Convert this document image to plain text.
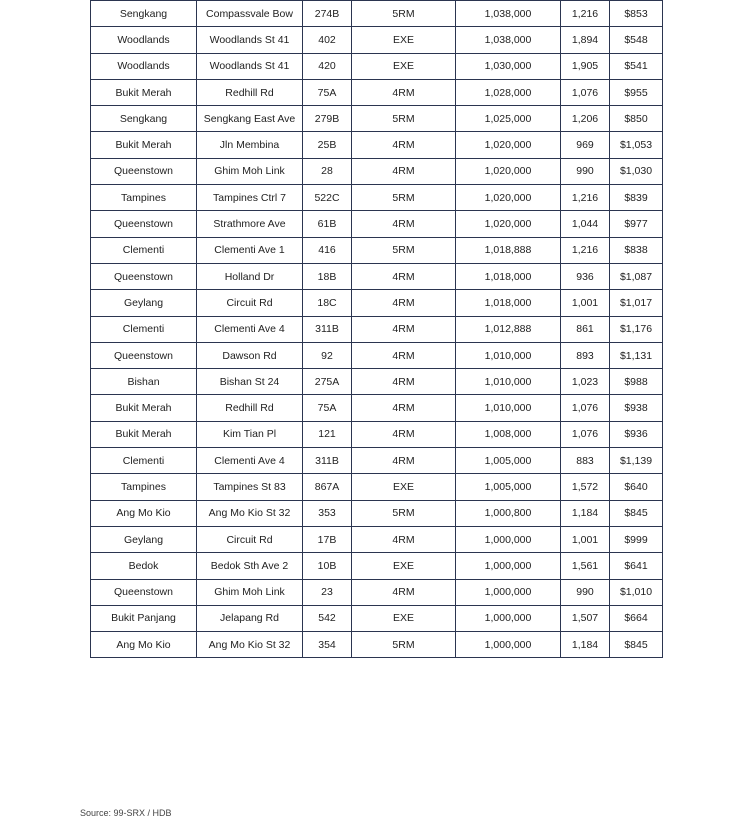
Sengkang	Compassvale Bow	274B	5RM	1,038,000	1,216	$853
Woodlands	Woodlands St 41	402	EXE	1,038,000	1,894	$548
Woodlands	Woodlands St 41	420	EXE	1,030,000	1,905	$541
Bukit Merah	Redhill Rd	75A	4RM	1,028,000	1,076	$955
Sengkang	Sengkang East Ave	279B	5RM	1,025,000	1,206	$850
Bukit Merah	Jln Membina	25B	4RM	1,020,000	969	$1,053
Queenstown	Ghim Moh Link	28	4RM	1,020,000	990	$1,030
Tampines	Tampines Ctrl 7	522C	5RM	1,020,000	1,216	$839
Queenstown	Strathmore Ave	61B	4RM	1,020,000	1,044	$977
Clementi	Clementi Ave 1	416	5RM	1,018,888	1,216	$838
Queenstown	Holland Dr	18B	4RM	1,018,000	936	$1,087
Geylang	Circuit Rd	18C	4RM	1,018,000	1,001	$1,017
Clementi	Clementi Ave 4	311B	4RM	1,012,888	861	$1,176
Queenstown	Dawson Rd	92	4RM	1,010,000	893	$1,131
Bishan	Bishan St 24	275A	4RM	1,010,000	1,023	$988
Bukit Merah	Redhill Rd	75A	4RM	1,010,000	1,076	$938
Bukit Merah	Kim Tian Pl	121	4RM	1,008,000	1,076	$936
Clementi	Clementi Ave 4	311B	4RM	1,005,000	883	$1,139
Tampines	Tampines St 83	867A	EXE	1,005,000	1,572	$640
Ang Mo Kio	Ang Mo Kio St 32	353	5RM	1,000,800	1,184	$845
Geylang	Circuit Rd	17B	4RM	1,000,000	1,001	$999
Bedok	Bedok Sth Ave 2	10B	EXE	1,000,000	1,561	$641
Queenstown	Ghim Moh Link	23	4RM	1,000,000	990	$1,010
Bukit Panjang	Jelapang Rd	542	EXE	1,000,000	1,507	$664
Ang Mo Kio	Ang Mo Kio St 32	354	5RM	1,000,000	1,184	$845
Source: 99-SRX / HDB
